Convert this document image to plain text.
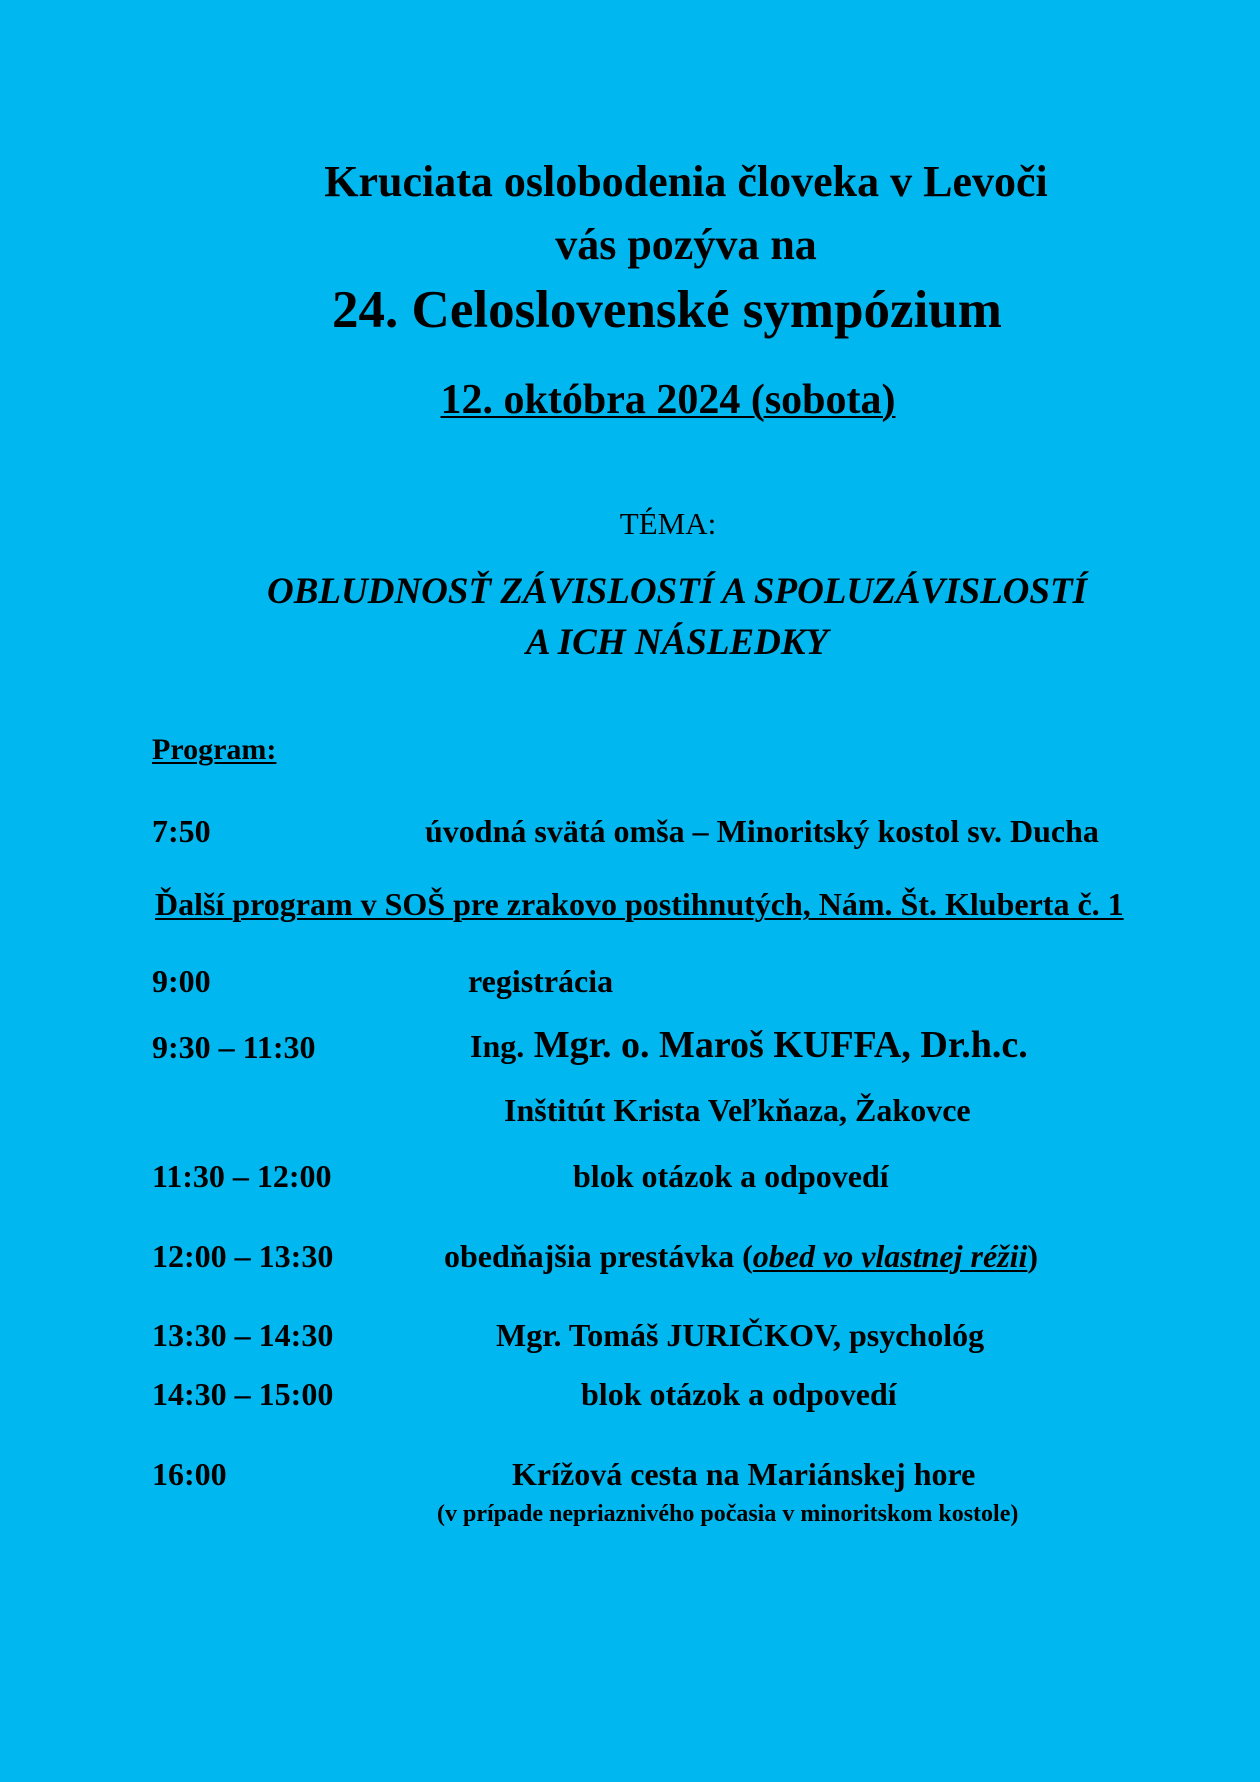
Kruciata oslobodenia človeka v Levoči
vás pozýva na
24. Celoslovenské sympózium
12. októbra 2024 (sobota)
TÉMA:
OBLUDNOSŤ ZÁVISLOSTÍ A SPOLUZÁVISLOSTÍ
A ICH NÁSLEDKY
Program:
7:50	úvodná svätá omša – Minoritský kostol sv. Ducha
Ďalší program v SOŠ pre zrakovo postihnutých, Nám. Št. Kluberta č. 1
9:00	registrácia
9:30 – 11:30	Ing. Mgr. o. Maroš KUFFA, Dr.h.c.
Inštitút Krista Veľkňaza, Žakovce
11:30 – 12:00	blok otázok a odpovedí
12:00 – 13:30	obedňajšia prestávka (obed vo vlastnej réžii)
13:30 – 14:30	Mgr. Tomáš JURIČKOV, psychológ
14:30 – 15:00	blok otázok a odpovedí
16:00	Krížová cesta na Mariánskej hore
(v prípade nepriaznivého počasia v minoritskom kostole)
